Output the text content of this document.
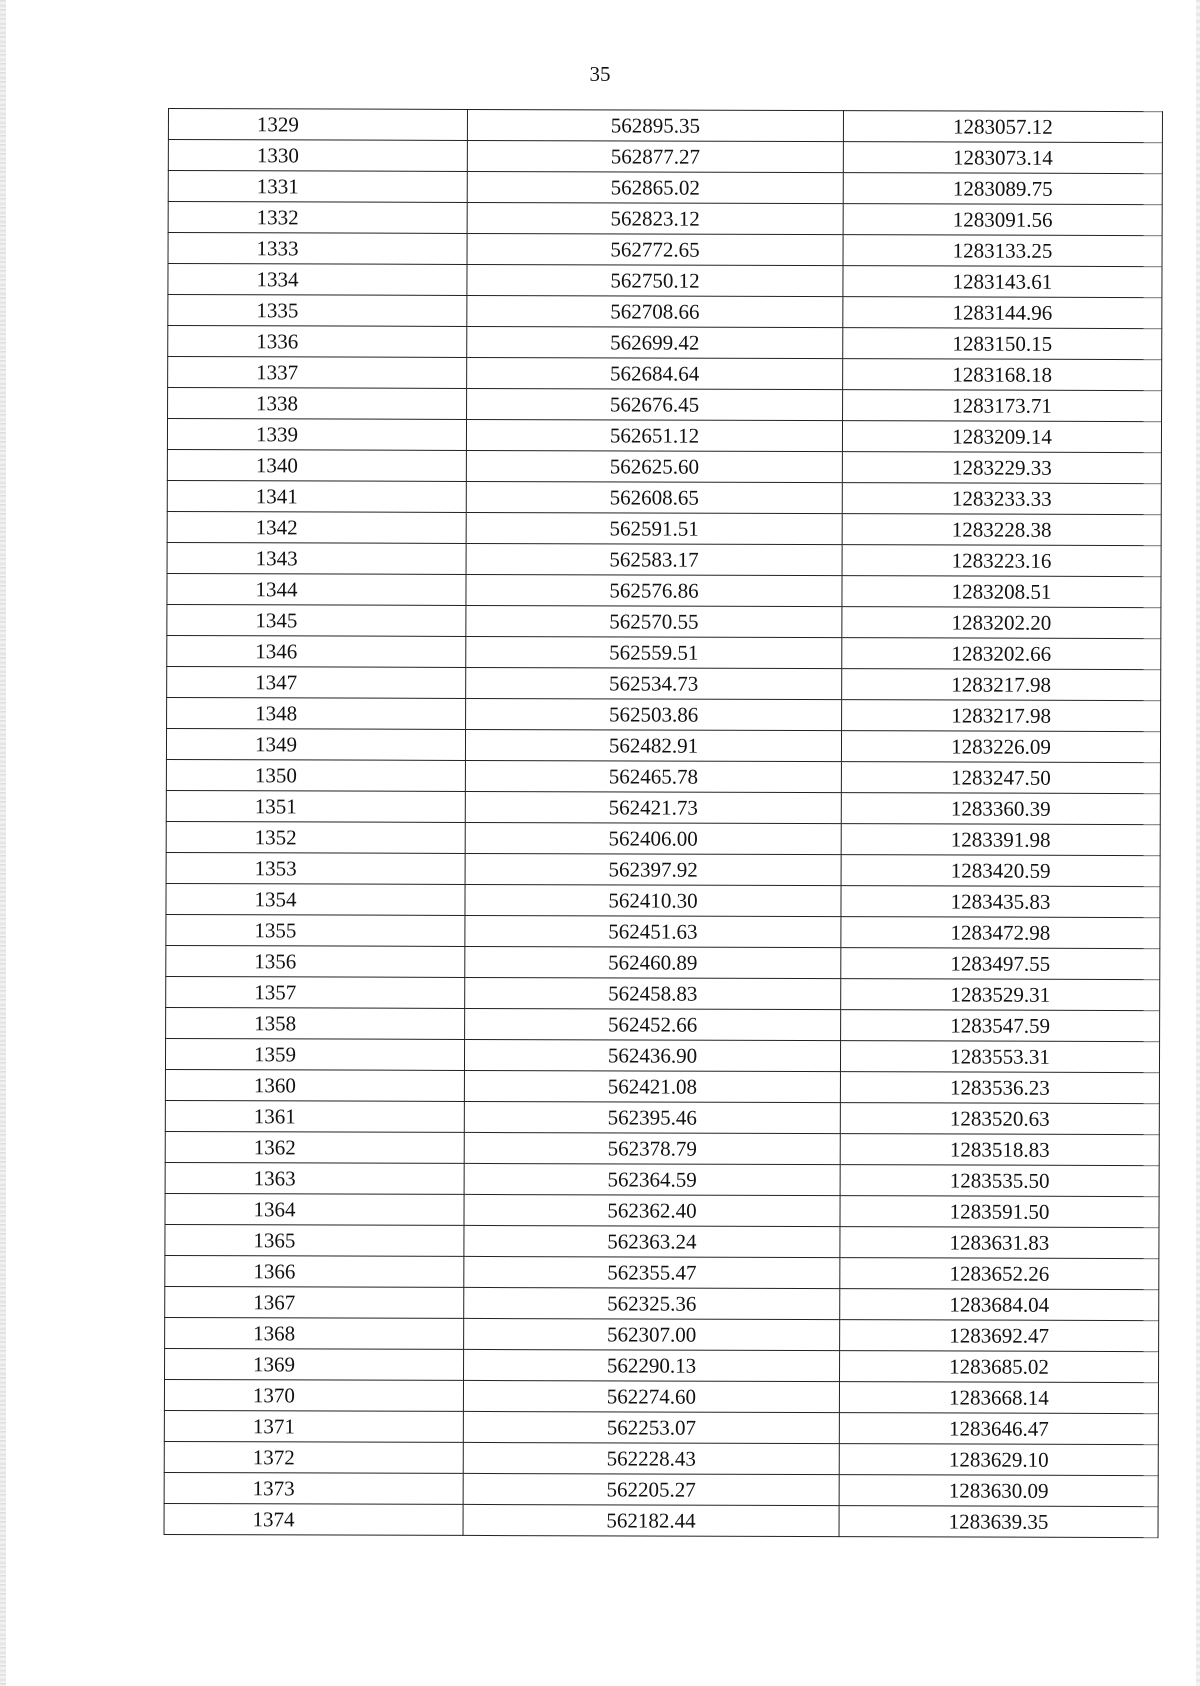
35
1329	562895.35	1283057.12
1330	562877.27	1283073.14
1331	562865.02	1283089.75
1332	562823.12	1283091.56
1333	562772.65	1283133.25
1334	562750.12	1283143.61
1335	562708.66	1283144.96
1336	562699.42	1283150.15
1337	562684.64	1283168.18
1338	562676.45	1283173.71
1339	562651.12	1283209.14
1340	562625.60	1283229.33
1341	562608.65	1283233.33
1342	562591.51	1283228.38
1343	562583.17	1283223.16
1344	562576.86	1283208.51
1345	562570.55	1283202.20
1346	562559.51	1283202.66
1347	562534.73	1283217.98
1348	562503.86	1283217.98
1349	562482.91	1283226.09
1350	562465.78	1283247.50
1351	562421.73	1283360.39
1352	562406.00	1283391.98
1353	562397.92	1283420.59
1354	562410.30	1283435.83
1355	562451.63	1283472.98
1356	562460.89	1283497.55
1357	562458.83	1283529.31
1358	562452.66	1283547.59
1359	562436.90	1283553.31
1360	562421.08	1283536.23
1361	562395.46	1283520.63
1362	562378.79	1283518.83
1363	562364.59	1283535.50
1364	562362.40	1283591.50
1365	562363.24	1283631.83
1366	562355.47	1283652.26
1367	562325.36	1283684.04
1368	562307.00	1283692.47
1369	562290.13	1283685.02
1370	562274.60	1283668.14
1371	562253.07	1283646.47
1372	562228.43	1283629.10
1373	562205.27	1283630.09
1374	562182.44	1283639.35
